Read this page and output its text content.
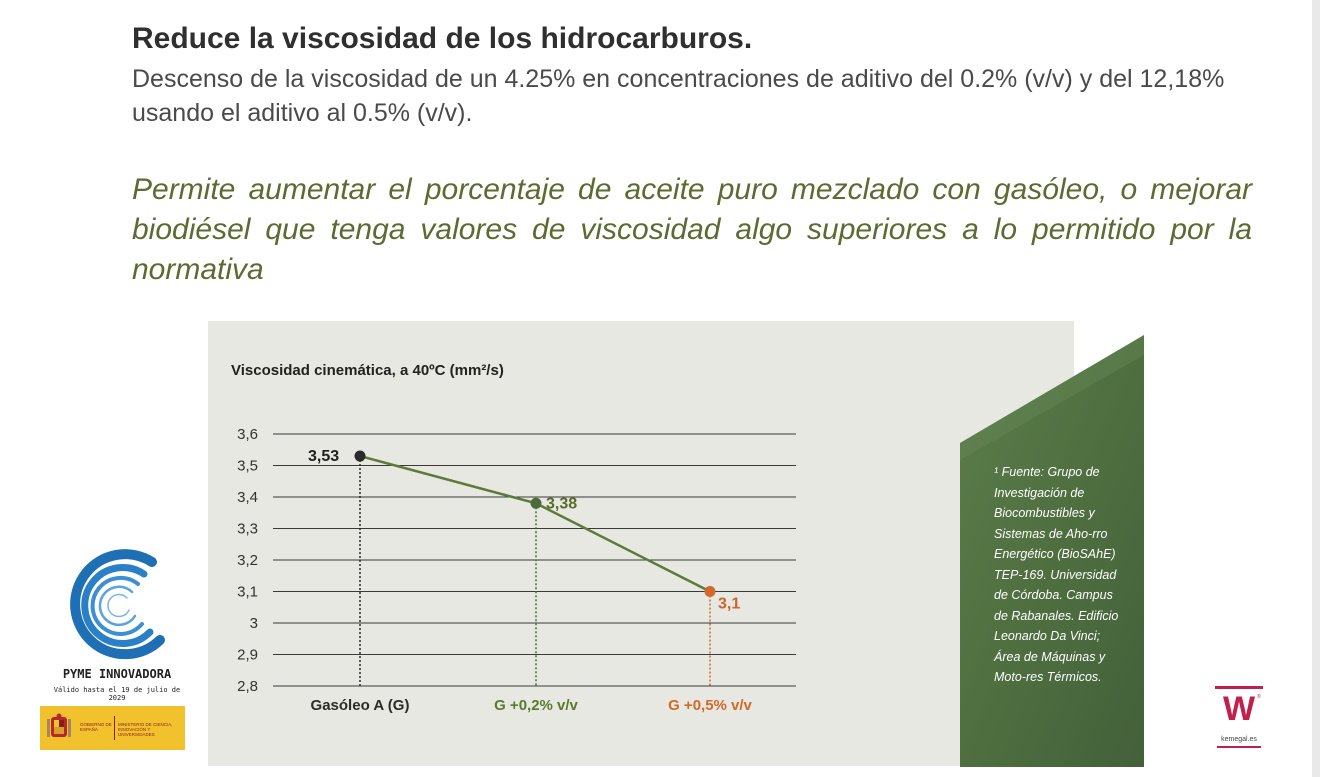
Reduce la viscosidad de los hidrocarburos.

Descenso de la viscosidad de un 4.25% en concentraciones de aditivo del 0.2% (v/v) y del 12,18% usando el aditivo al 0.5% (v/v).

Permite aumentar el porcentaje de aceite puro mezclado con gasóleo, o mejorar biodiésel que tenga valores de viscosidad algo superiores a lo permitido por la normativa

Viscosidad cinemática, a 40ºC (mm²/s)
3,6
3,5
3,4
3,3
3,2
3,1
3
2,9
2,8
3,53
3,38
3,1
Gasóleo A (G)	G +0,2% v/v	G +0,5% v/v

¹ Fuente: Grupo de Investigación de Biocombustibles y Sistemas de Aho-rro Energético (BioSAhE) TEP-169. Universidad de Córdoba. Campus de Rabanales. Edificio Leonardo Da Vinci; Área de Máquinas y Moto-res Térmicos.

PYME INNOVADORA
Válido hasta el 19 de julio de
2029
GOBIERNO DE ESPAÑA
MINISTERIO DE CIENCIA, INNOVACIÓN Y UNIVERSIDADES
W ®
kemegal.es
